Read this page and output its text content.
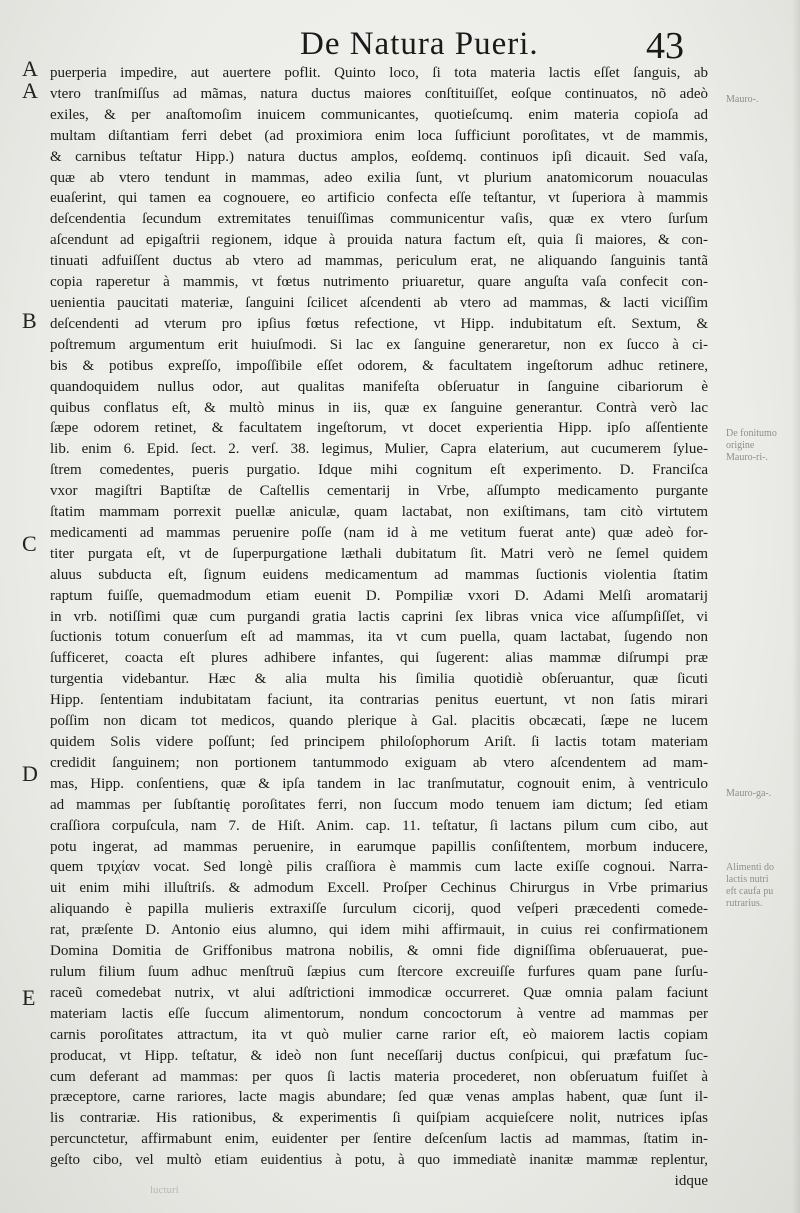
De Natura Pueri.	43
A
A
B
C
D
E
Mauro-.
De fonitumo
origine
Mauro-ri-.
Mauro-ga-.
Alimenti do
lactis nutri
eft caufa pu
rutrarius.
puerperia impedire, aut auertere poflit. Quinto loco, ſi tota materia lactis eſſet ſanguis, ab
vtero tranſmiſſus ad mãmas, natura ductus maiores conſtituiſſet, eoſque continuatos, nõ adeò
exiles, & per anaſtomoſim inuicem communicantes, quotieſcumq. enim materia copioſa ad
multam diſtantiam ferri debet (ad proximiora enim loca ſufficiunt poroſitates, vt de mammis,
& carnibus teſtatur Hipp.) natura ductus amplos, eoſdemq. continuos ipſi dicauit. Sed vaſa,
quæ ab vtero tendunt in mammas, adeo exilia ſunt, vt plurium anatomicorum nouaculas
euaſerint, qui tamen ea cognouere, eo artificio confecta eſſe teſtantur, vt ſuperiora à mammis
deſcendentia ſecundum extremitates tenuiſſimas communicentur vaſis, quæ ex vtero ſurſum
aſcendunt ad epigaſtrii regionem, idque à prouida natura factum eſt, quia ſi maiores, & con-
tinuati adfuiſſent ductus ab vtero ad mammas, periculum erat, ne aliquando ſanguinis tantã
copia raperetur à mammis, vt fœtus nutrimento priuaretur, quare anguſta vaſa confecit con-
uenientia paucitati materiæ, ſanguini ſcilicet aſcendenti ab vtero ad mammas, & lacti viciſſim
deſcendenti ad vterum pro ipſius fœtus refectione, vt Hipp. indubitatum eſt. Sextum, &
poſtremum argumentum erit huiuſmodi. Si lac ex ſanguine generaretur, non ex ſucco à ci-
bis & potibus expreſſo, impoſſibile eſſet odorem, & facultatem ingeſtorum adhuc retinere,
quandoquidem nullus odor, aut qualitas manifeſta obſeruatur in ſanguine cibariorum è
quibus conflatus eſt, & multò minus in iis, quæ ex ſanguine generantur. Contrà verò lac
ſæpe odorem retinet, & facultatem ingeſtorum, vt docet experientia Hipp. ipſo aſſentiente
lib. enim 6. Epid. ſect. 2. verſ. 38. legimus, Mulier, Capra elaterium, aut cucumerem ſylue-
ſtrem comedentes, pueris purgatio. Idque mihi cognitum eſt experimento. D. Franciſca
vxor magiſtri Baptiſtæ de Caſtellis cementarij in Vrbe, aſſumpto medicamento purgante
ſtatim mammam porrexit puellæ aniculæ, quam lactabat, non exiſtimans, tam citò virtutem
medicamenti ad mammas peruenire poſſe (nam id à me vetitum fuerat ante) quæ adeò for-
titer purgata eſt, vt de ſuperpurgatione læthali dubitatum ſit. Matri verò ne ſemel quidem
aluus subducta eſt, ſignum euidens medicamentum ad mammas ſuctionis violentia ſtatim
raptum fuiſſe, quemadmodum etiam euenit D. Pompiliæ vxori D. Adami Melſi aromatarij
in vrb. notiſſimi quæ cum purgandi gratia lactis caprini ſex libras vnica vice aſſumpſiſſet, vi
ſuctionis totum conuerſum eſt ad mammas, ita vt cum puella, quam lactabat, ſugendo non
ſufficeret, coacta eſt plures adhibere infantes, qui ſugerent: alias mammæ diſrumpi præ
turgentia videbantur. Hæc & alia multa his ſimilia quotidiè obſeruantur, quæ ſicuti
Hipp. ſententiam indubitatam faciunt, ita contrarias penitus euertunt, vt non ſatis mirari
poſſim non dicam tot medicos, quando plerique à Gal. placitis obcæcati, ſæpe ne lucem
quidem Solis videre poſſunt; ſed principem philoſophorum Ariſt. ſi lactis totam materiam
credidit ſanguinem; non portionem tantummodo exiguam ab vtero aſcendentem ad mam-
mas, Hipp. conſentiens, quæ & ipſa tandem in lac tranſmutatur, cognouit enim, à ventriculo
ad mammas per ſubſtantię poroſitates ferri, non ſuccum modo tenuem iam dictum; ſed etiam
craſſiora corpuſcula, nam 7. de Hiſt. Anim. cap. 11. teſtatur, ſi lactans pilum cum cibo, aut
potu ingerat, ad mammas peruenire, in earumque papillis conſiſtentem, morbum inducere,
quem τριχίαν vocat. Sed longè pilis craſſiora è mammis cum lacte exiſſe cognoui. Narra-
uit enim mihi illuſtriſs. & admodum Excell. Proſper Cechinus Chirurgus in Vrbe primarius
aliquando è papilla mulieris extraxiſſe ſurculum cicorij, quod veſperi præcedenti comede-
rat, præſente D. Antonio eius alumno, qui idem mihi affirmauit, in cuius rei confirmationem
Domina Domitia de Griffonibus matrona nobilis, & omni fide digniſſima obſeruauerat, pue-
rulum filium ſuum adhuc menſtruũ ſæpius cum ſtercore excreuiſſe furfures quam pane ſurſu-
raceũ comedebat nutrix, vt alui adſtrictioni immodicæ occurreret. Quæ omnia palam faciunt
materiam lactis eſſe ſuccum alimentorum, nondum concoctorum à ventre ad mammas per
carnis poroſitates attractum, ita vt quò mulier carne rarior eſt, eò maiorem lactis copiam
producat, vt Hipp. teſtatur, & ideò non ſunt neceſſarij ductus conſpicui, qui præfatum ſuc-
cum deferant ad mammas: per quos ſi lactis materia procederet, non obſeruatum fuiſſet à
præceptore, carne rariores, lacte magis abundare; ſed quæ venas amplas habent, quæ ſunt il-
lis contrariæ. His rationibus, & experimentis ſi quiſpiam acquieſcere nolit, nutrices ipſas
percunctetur, affirmabunt enim, euidenter per ſentire deſcenſum lactis ad mammas, ſtatim in-
geſto cibo, vel multò etiam euidentius à potu, à quo immediatè inanitæ mammæ replentur,
idque
lucturi
